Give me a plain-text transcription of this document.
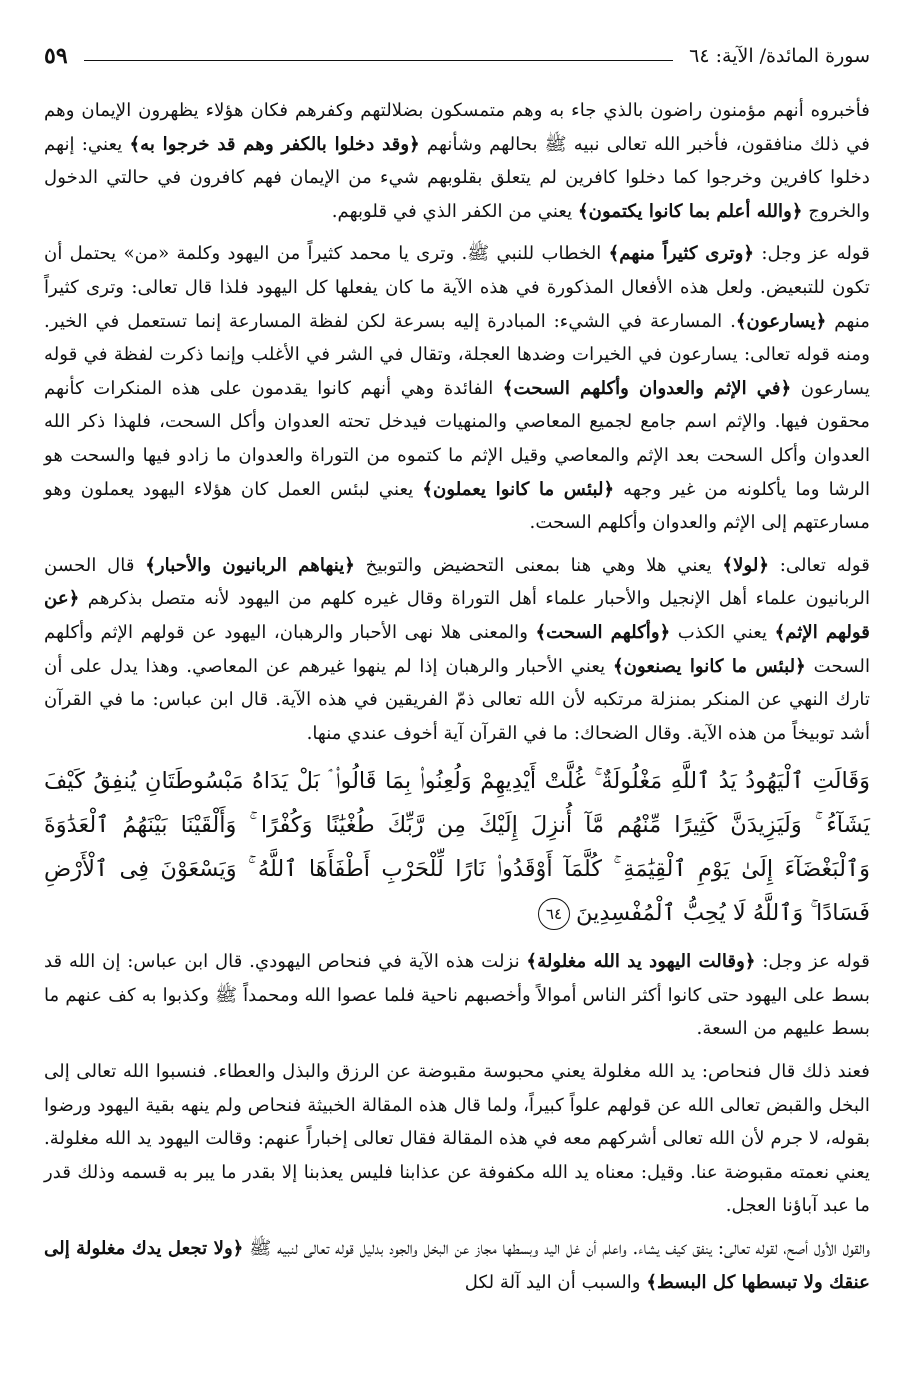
سورة المائدة/ الآية: ٦٤
٥٩

فأخبروه أنهم مؤمنون راضون بالذي جاء به وهم متمسكون بضلالتهم وكفرهم فكان هؤلاء يظهرون الإيمان وهم في ذلك منافقون، فأخبر الله تعالى نبيه ﷺ بحالهم وشأنهم ﴿وقد دخلوا بالكفر وهم قد خرجوا به﴾ يعني: إنهم دخلوا كافرين وخرجوا كما دخلوا كافرين لم يتعلق بقلوبهم شيء من الإيمان فهم كافرون في حالتي الدخول والخروج ﴿والله أعلم بما كانوا يكتمون﴾ يعني من الكفر الذي في قلوبهم.

قوله عز وجل: ﴿وترى كثيراً منهم﴾ الخطاب للنبي ﷺ. وترى يا محمد كثيراً من اليهود وكلمة «من» يحتمل أن تكون للتبعيض. ولعل هذه الأفعال المذكورة في هذه الآية ما كان يفعلها كل اليهود فلذا قال تعالى: وترى كثيراً منهم ﴿يسارعون﴾. المسارعة في الشيء: المبادرة إليه بسرعة لكن لفظة المسارعة إنما تستعمل في الخير. ومنه قوله تعالى: يسارعون في الخيرات وضدها العجلة، وتقال في الشر في الأغلب وإنما ذكرت لفظة في قوله يسارعون ﴿في الإثم والعدوان وأكلهم السحت﴾ الفائدة وهي أنهم كانوا يقدمون على هذه المنكرات كأنهم محقون فيها. والإثم اسم جامع لجميع المعاصي والمنهيات فيدخل تحته العدوان وأكل السحت، فلهذا ذكر الله العدوان وأكل السحت بعد الإثم والمعاصي وقيل الإثم ما كتموه من التوراة والعدوان ما زادو فيها والسحت هو الرشا وما يأكلونه من غير وجهه ﴿لبئس ما كانوا يعملون﴾ يعني لبئس العمل كان هؤلاء اليهود يعملون وهو مسارعتهم إلى الإثم والعدوان وأكلهم السحت.

قوله تعالى: ﴿لولا﴾ يعني هلا وهي هنا بمعنى التحضيض والتوبيخ ﴿ينهاهم الربانيون والأحبار﴾ قال الحسن الربانيون علماء أهل الإنجيل والأحبار علماء أهل التوراة وقال غيره كلهم من اليهود لأنه متصل بذكرهم ﴿عن قولهم الإثم﴾ يعني الكذب ﴿وأكلهم السحت﴾ والمعنى هلا نهى الأحبار والرهبان، اليهود عن قولهم الإثم وأكلهم السحت ﴿لبئس ما كانوا يصنعون﴾ يعني الأحبار والرهبان إذا لم ينهوا غيرهم عن المعاصي. وهذا يدل على أن تارك النهي عن المنكر بمنزلة مرتكبه لأن الله تعالى ذمّ الفريقين في هذه الآية. قال ابن عباس: ما في القرآن أشد توبيخاً من هذه الآية. وقال الضحاك: ما في القرآن آية أخوف عندي منها.

وَقَالَتِ ٱلْيَهُودُ يَدُ ٱللَّهِ مَغْلُولَةٌ ۚ غُلَّتْ أَيْدِيهِمْ وَلُعِنُوا۟ بِمَا قَالُوا۟ ۘ بَلْ يَدَاهُ مَبْسُوطَتَانِ يُنفِقُ كَيْفَ يَشَآءُ ۚ وَلَيَزِيدَنَّ كَثِيرًا مِّنْهُم مَّآ أُنزِلَ إِلَيْكَ مِن رَّبِّكَ طُغْيَٰنًا وَكُفْرًا ۚ وَأَلْقَيْنَا بَيْنَهُمُ ٱلْعَدَٰوَةَ وَٱلْبَغْضَآءَ إِلَىٰ يَوْمِ ٱلْقِيَٰمَةِ ۚ كُلَّمَآ أَوْقَدُوا۟ نَارًا لِّلْحَرْبِ أَطْفَأَهَا ٱللَّهُ ۚ وَيَسْعَوْنَ فِى ٱلْأَرْضِ فَسَادًا ۚ وَٱللَّهُ لَا يُحِبُّ ٱلْمُفْسِدِينَ٦٤

قوله عز وجل: ﴿وقالت اليهود يد الله مغلولة﴾ نزلت هذه الآية في فنحاص اليهودي. قال ابن عباس: إن الله قد بسط على اليهود حتى كانوا أكثر الناس أموالاً وأخصبهم ناحية فلما عصوا الله ومحمداً ﷺ وكذبوا به كف عنهم ما بسط عليهم من السعة.

فعند ذلك قال فنحاص: يد الله مغلولة يعني محبوسة مقبوضة عن الرزق والبذل والعطاء. فنسبوا الله تعالى إلى البخل والقبض تعالى الله عن قولهم علواً كبيراً، ولما قال هذه المقالة الخبيثة فنحاص ولم ينهه بقية اليهود ورضوا بقوله، لا جرم لأن الله تعالى أشركهم معه في هذه المقالة فقال تعالى إخباراً عنهم: وقالت اليهود يد الله مغلولة. يعني نعمته مقبوضة عنا. وقيل: معناه يد الله مكفوفة عن عذابنا فليس يعذبنا إلا بقدر ما يبر به قسمه وذلك قدر ما عبد آباؤنا العجل.

والقول الأول أصح، لقوله تعالى: ينفق كيف يشاء. واعلم أن غل اليد وبسطها مجاز عن البخل والجود بدليل قوله تعالى لنبيه ﷺ ﴿ولا تجعل يدك مغلولة إلى عنقك ولا تبسطها كل البسط﴾ والسبب أن اليد آلة لكل
